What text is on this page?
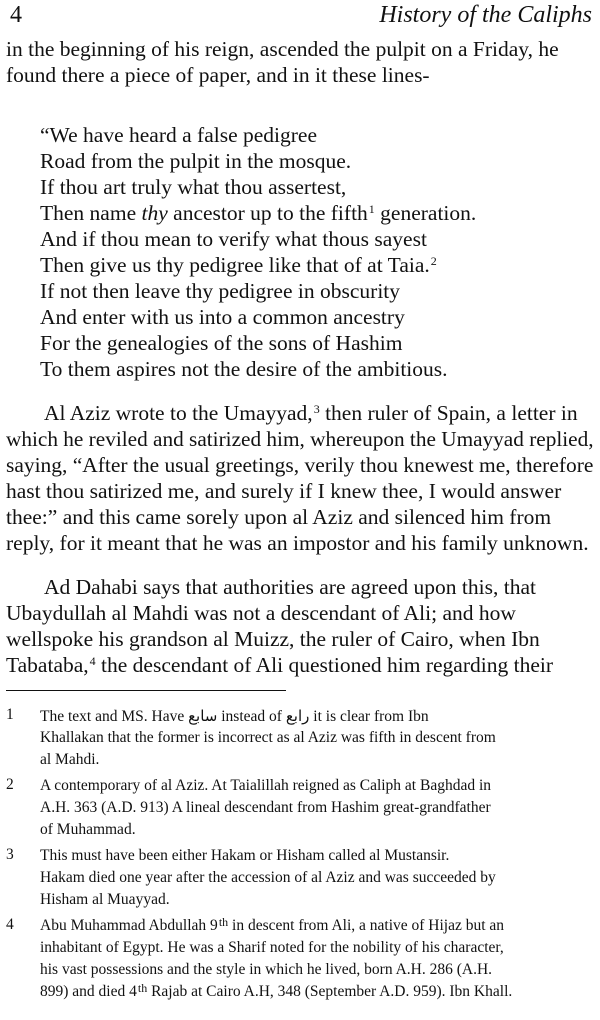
4	History of the Caliphs
in the beginning of his reign, ascended the pulpit on a Friday, he
found there a piece of paper, and in it these lines-
“We have heard a false pedigree
Road from the pulpit in the mosque.
If thou art truly what thou assertest,
Then name thy ancestor up to the fifth$^1$ generation.
And if thou mean to verify what thous sayest
Then give us thy pedigree like that of at Taia.$^2$
If not then leave thy pedigree in obscurity
And enter with us into a common ancestry
For the genealogies of the sons of Hashim
To them aspires not the desire of the ambitious.
Al Aziz wrote to the Umayyad,$^3$ then ruler of Spain, a letter in
which he reviled and satirized him, whereupon the Umayyad replied,
saying, “After the usual greetings, verily thou knewest me, therefore
hast thou satirized me, and surely if I knew thee, I would answer
thee:” and this came sorely upon al Aziz and silenced him from
reply, for it meant that he was an impostor and his family unknown.
Ad Dahabi says that authorities are agreed upon this, that
Ubaydullah al Mahdi was not a descendant of Ali; and how
wellspoke his grandson al Muizz, the ruler of Cairo, when Ibn
Tabataba,$^4$ the descendant of Ali questioned him regarding their
1 The text and MS. Have سابع instead of رابع it is clear from Ibn
Khallakan that the former is incorrect as al Aziz was fifth in descent from
al Mahdi.
2 A contemporary of al Aziz. At Taialillah reigned as Caliph at Baghdad in
A.H. 363 (A.D. 913) A lineal descendant from Hashim great-grandfather
of Muhammad.
3 This must have been either Hakam or Hisham called al Mustansir.
Hakam died one year after the accession of al Aziz and was succeeded by
Hisham al Muayyad.
4 Abu Muhammad Abdullah 9th in descent from Ali, a native of Hijaz but an
inhabitant of Egypt. He was a Sharif noted for the nobility of his character,
his vast possessions and the style in which he lived, born A.H. 286 (A.H.
899) and died 4th Rajab at Cairo A.H, 348 (September A.D. 959). Ibn Khall.
